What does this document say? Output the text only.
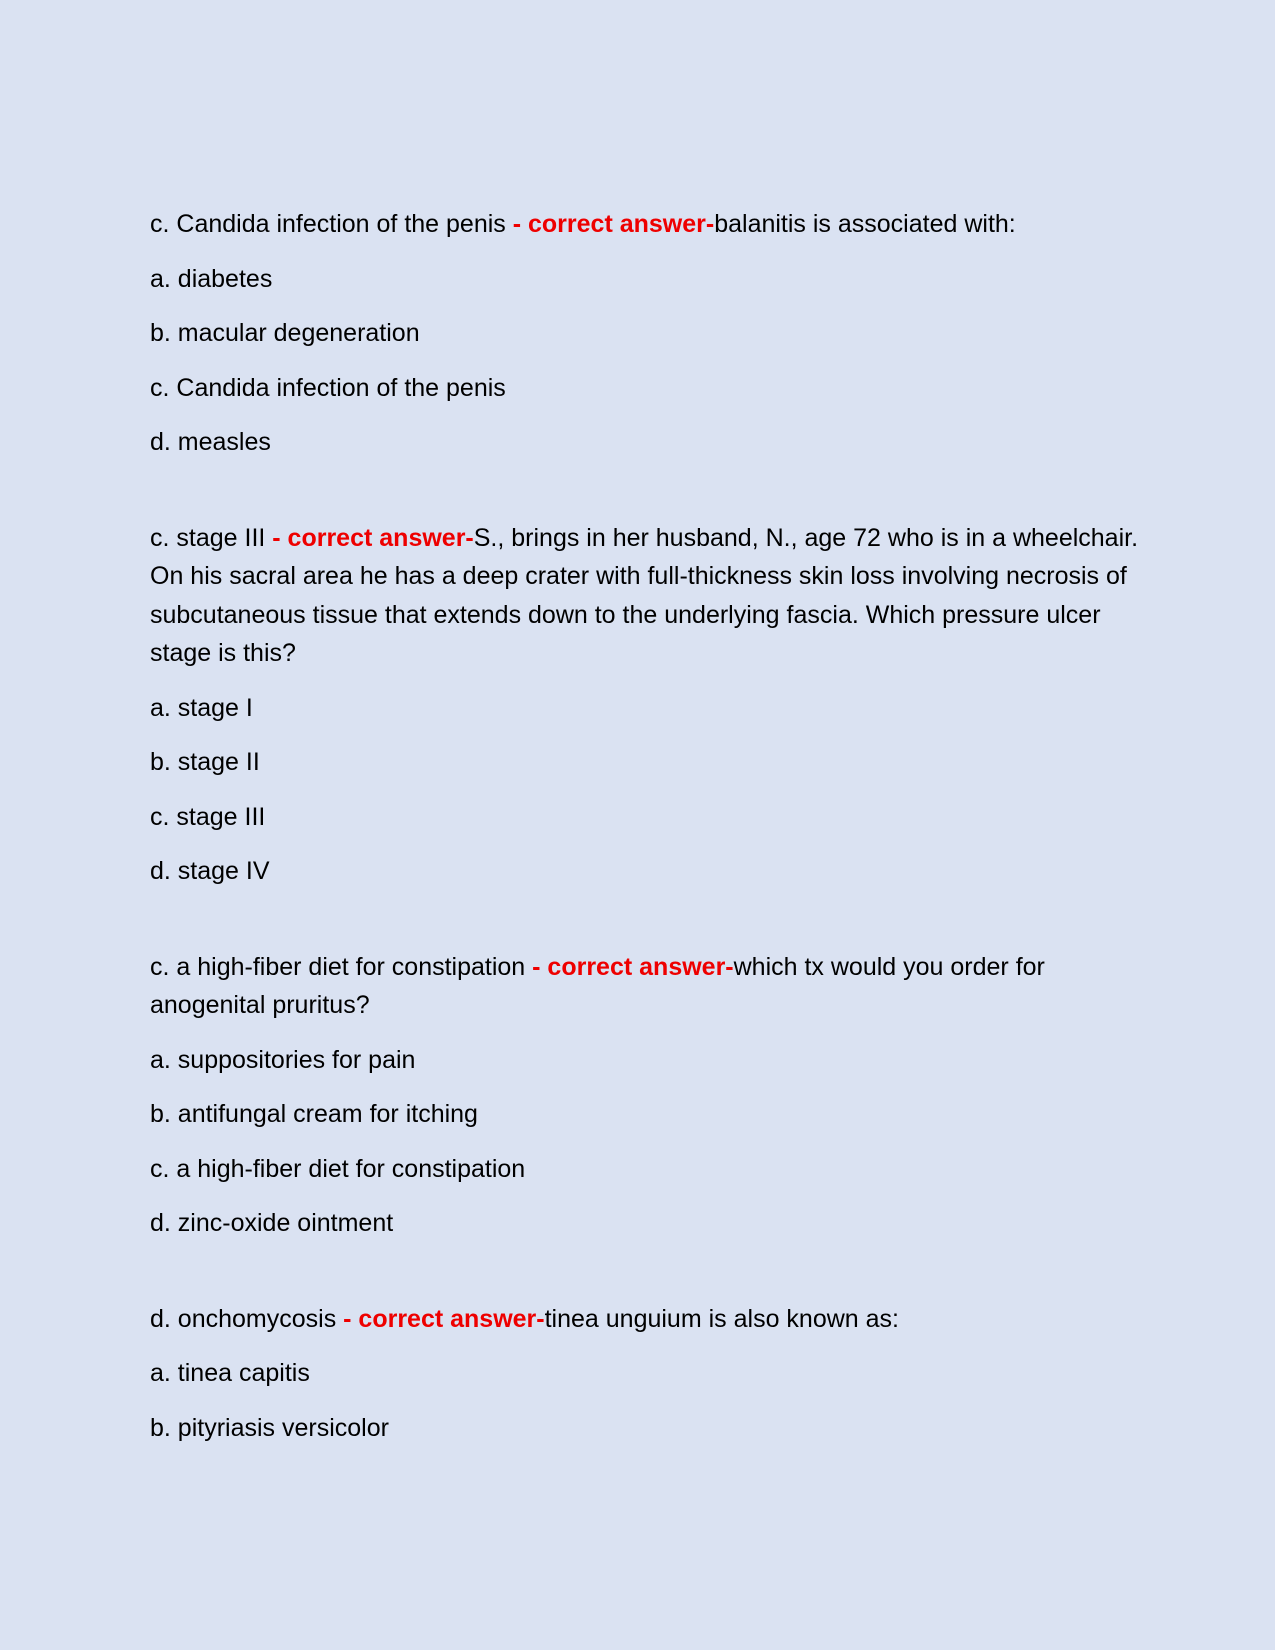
c. Candida infection of the penis - correct answer-balanitis is associated with:

a. diabetes

b. macular degeneration

c. Candida infection of the penis

d. measles

c. stage III - correct answer-S., brings in her husband, N., age 72 who is in a wheelchair. On his sacral area he has a deep crater with full-thickness skin loss involving necrosis of subcutaneous tissue that extends down to the underlying fascia. Which pressure ulcer stage is this?

a. stage I

b. stage II

c. stage III

d. stage IV

c. a high-fiber diet for constipation - correct answer-which tx would you order for anogenital pruritus?

a. suppositories for pain

b. antifungal cream for itching

c. a high-fiber diet for constipation

d. zinc-oxide ointment

d. onchomycosis - correct answer-tinea unguium is also known as:

a. tinea capitis

b. pityriasis versicolor
